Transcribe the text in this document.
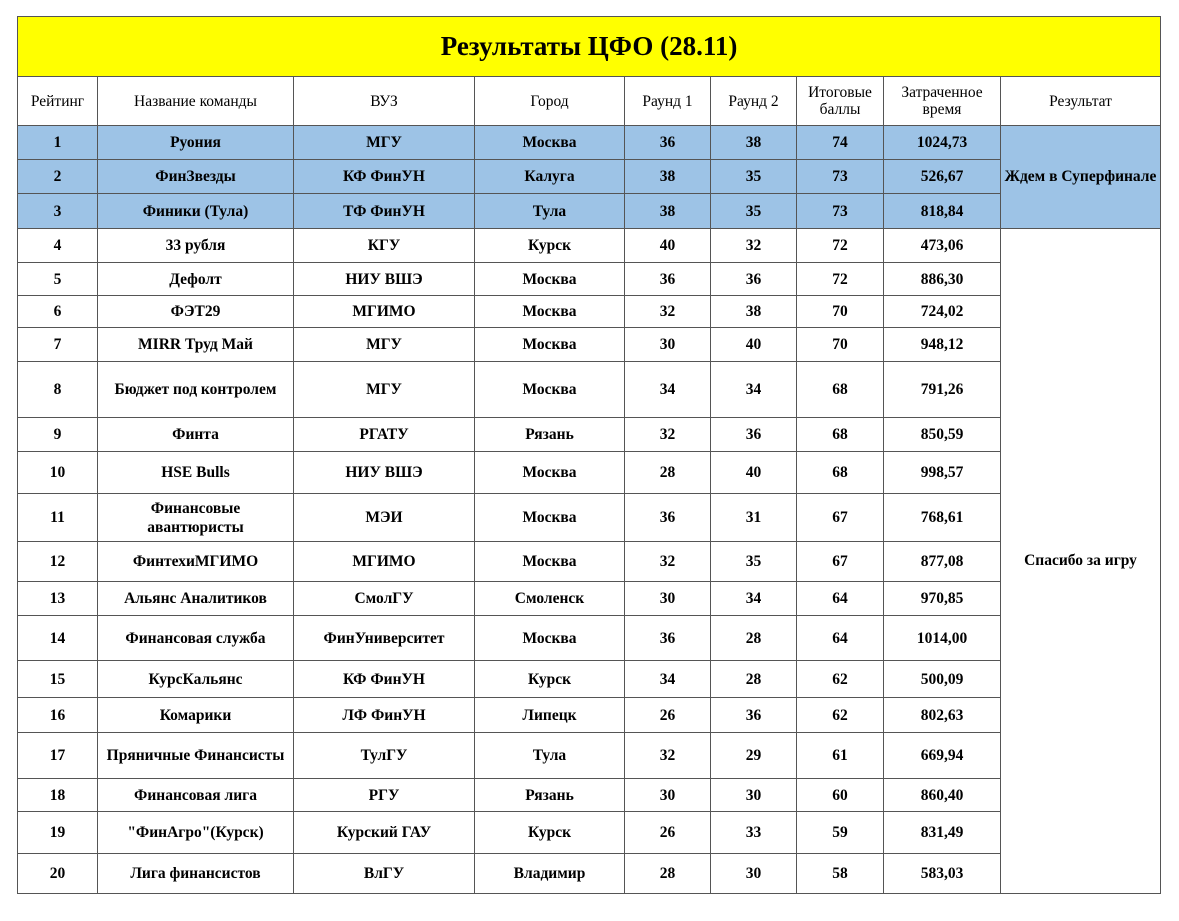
Результаты ЦФО (28.11)								
Рейтинг	Название команды	ВУЗ	Город	Раунд 1	Раунд 2	Итоговые баллы	Затраченное время	Результат
1	Руония	МГУ	Москва	36	38	74	1024,73	Ждем в Суперфинале
2	ФинЗвезды	КФ ФинУН	Калуга	38	35	73	526,67	
3	Финики (Тула)	ТФ ФинУН	Тула	38	35	73	818,84	
4	33 рубля	КГУ	Курск	40	32	72	473,06	Спасибо за игру
5	Дефолт	НИУ ВШЭ	Москва	36	36	72	886,30	
6	ФЭТ29	МГИМО	Москва	32	38	70	724,02	
7	MIRR Труд Май	МГУ	Москва	30	40	70	948,12	
8	Бюджет под контролем	МГУ	Москва	34	34	68	791,26	
9	Финта	РГАТУ	Рязань	32	36	68	850,59	
10	HSE Bulls	НИУ ВШЭ	Москва	28	40	68	998,57	
11	Финансовые авантюристы	МЭИ	Москва	36	31	67	768,61	
12	ФинтехиМГИМО	МГИМО	Москва	32	35	67	877,08	
13	Альянс Аналитиков	СмолГУ	Смоленск	30	34	64	970,85	
14	Финансовая служба	ФинУниверситет	Москва	36	28	64	1014,00	
15	КурсКальянс	КФ ФинУН	Курск	34	28	62	500,09	
16	Комарики	ЛФ ФинУН	Липецк	26	36	62	802,63	
17	Пряничные Финансисты	ТулГУ	Тула	32	29	61	669,94	
18	Финансовая лига	РГУ	Рязань	30	30	60	860,40	
19	"ФинАгро"(Курск)	Курский ГАУ	Курск	26	33	59	831,49	
20	Лига финансистов	ВлГУ	Владимир	28	30	58	583,03	
